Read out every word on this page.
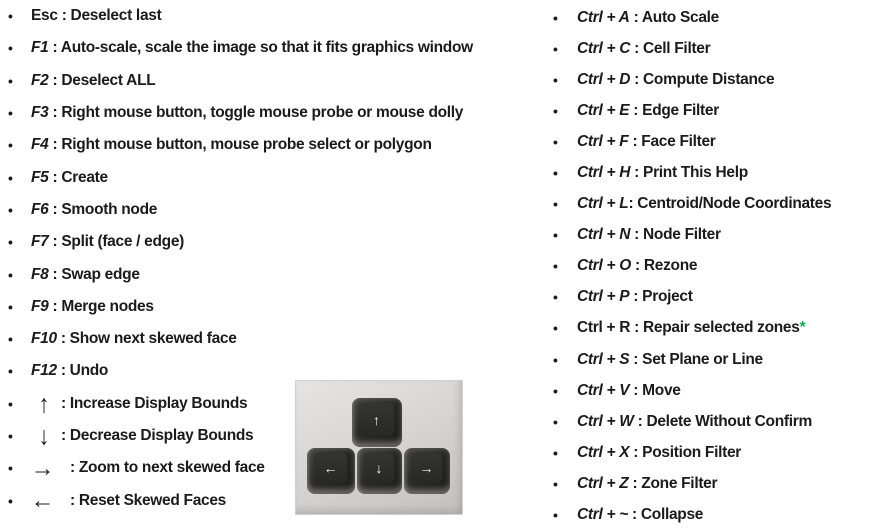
•	Esc : Deselect last
•	F1 : Auto-scale, scale the image so that it fits graphics window
•	F2 : Deselect ALL
•	F3 : Right mouse button, toggle mouse probe or mouse dolly
•	F4 : Right mouse button, mouse probe select or polygon
•	F5 : Create
•	F6 : Smooth node
•	F7 : Split (face / edge)
•	F8 : Swap edge
•	F9 : Merge nodes
•	F10 : Show next skewed face
•	F12 : Undo
•	↑ : Increase Display Bounds
•	↓ : Decrease Display Bounds
• → : Zoom to next skewed face
• ← : Reset Skewed Faces
•	Ctrl + A : Auto Scale
•	Ctrl + C : Cell Filter
•	Ctrl + D : Compute Distance
•	Ctrl + E : Edge Filter
•	Ctrl + F : Face Filter
•	Ctrl + H : Print This Help
•	Ctrl + L : Centroid/Node Coordinates
•	Ctrl + N : Node Filter
•	Ctrl + O : Rezone
•	Ctrl + P : Project
•	Ctrl + R : Repair selected zones *
•	Ctrl + S : Set Plane or Line
•	Ctrl + V : Move
•	Ctrl + W : Delete Without Confirm
•	Ctrl + X : Position Filter
•	Ctrl + Z : Zone Filter
•	Ctrl + ~ : Collapse
↑
←	↓	→
